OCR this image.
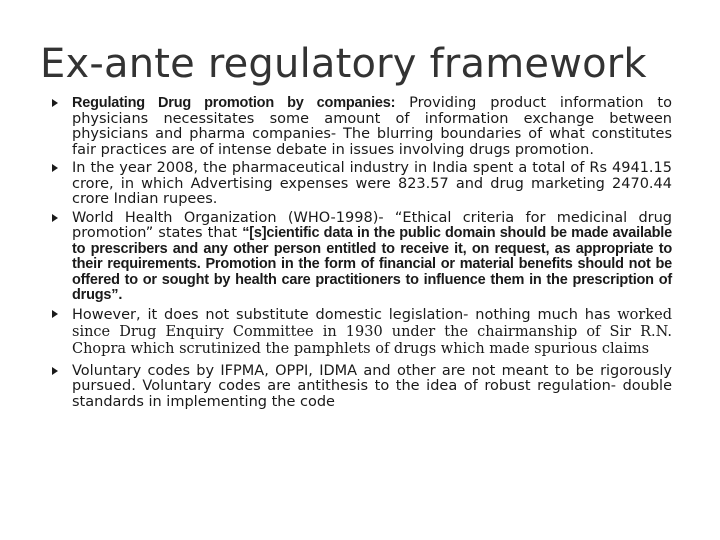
Ex-ante regulatory framework
Regulating Drug promotion by companies: Providing product information to physicians necessitates some amount of information exchange between physicians and pharma companies- The blurring boundaries of what constitutes fair practices are of intense debate in issues involving drugs promotion.
In the year 2008, the pharmaceutical industry in India spent a total of Rs 4941.15 crore, in which Advertising expenses were 823.57 and drug marketing 2470.44 crore Indian rupees.
World Health Organization (WHO-1998)- “Ethical criteria for medicinal drug promotion” states that “[s]cientific data in the public domain should be made available to prescribers and any other person entitled to receive it, on request, as appropriate to their requirements. Promotion in the form of financial or material benefits should not be offered to or sought by health care practitioners to influence them in the prescription of drugs”.
However, it does not substitute domestic legislation- nothing much has worked since Drug Enquiry Committee in 1930 under the chairmanship of Sir R.N. Chopra which scrutinized the pamphlets of drugs which made spurious claims
Voluntary codes by IFPMA, OPPI, IDMA and other are not meant to be rigorously pursued. Voluntary codes are antithesis to the idea of robust regulation- double standards in implementing the code
